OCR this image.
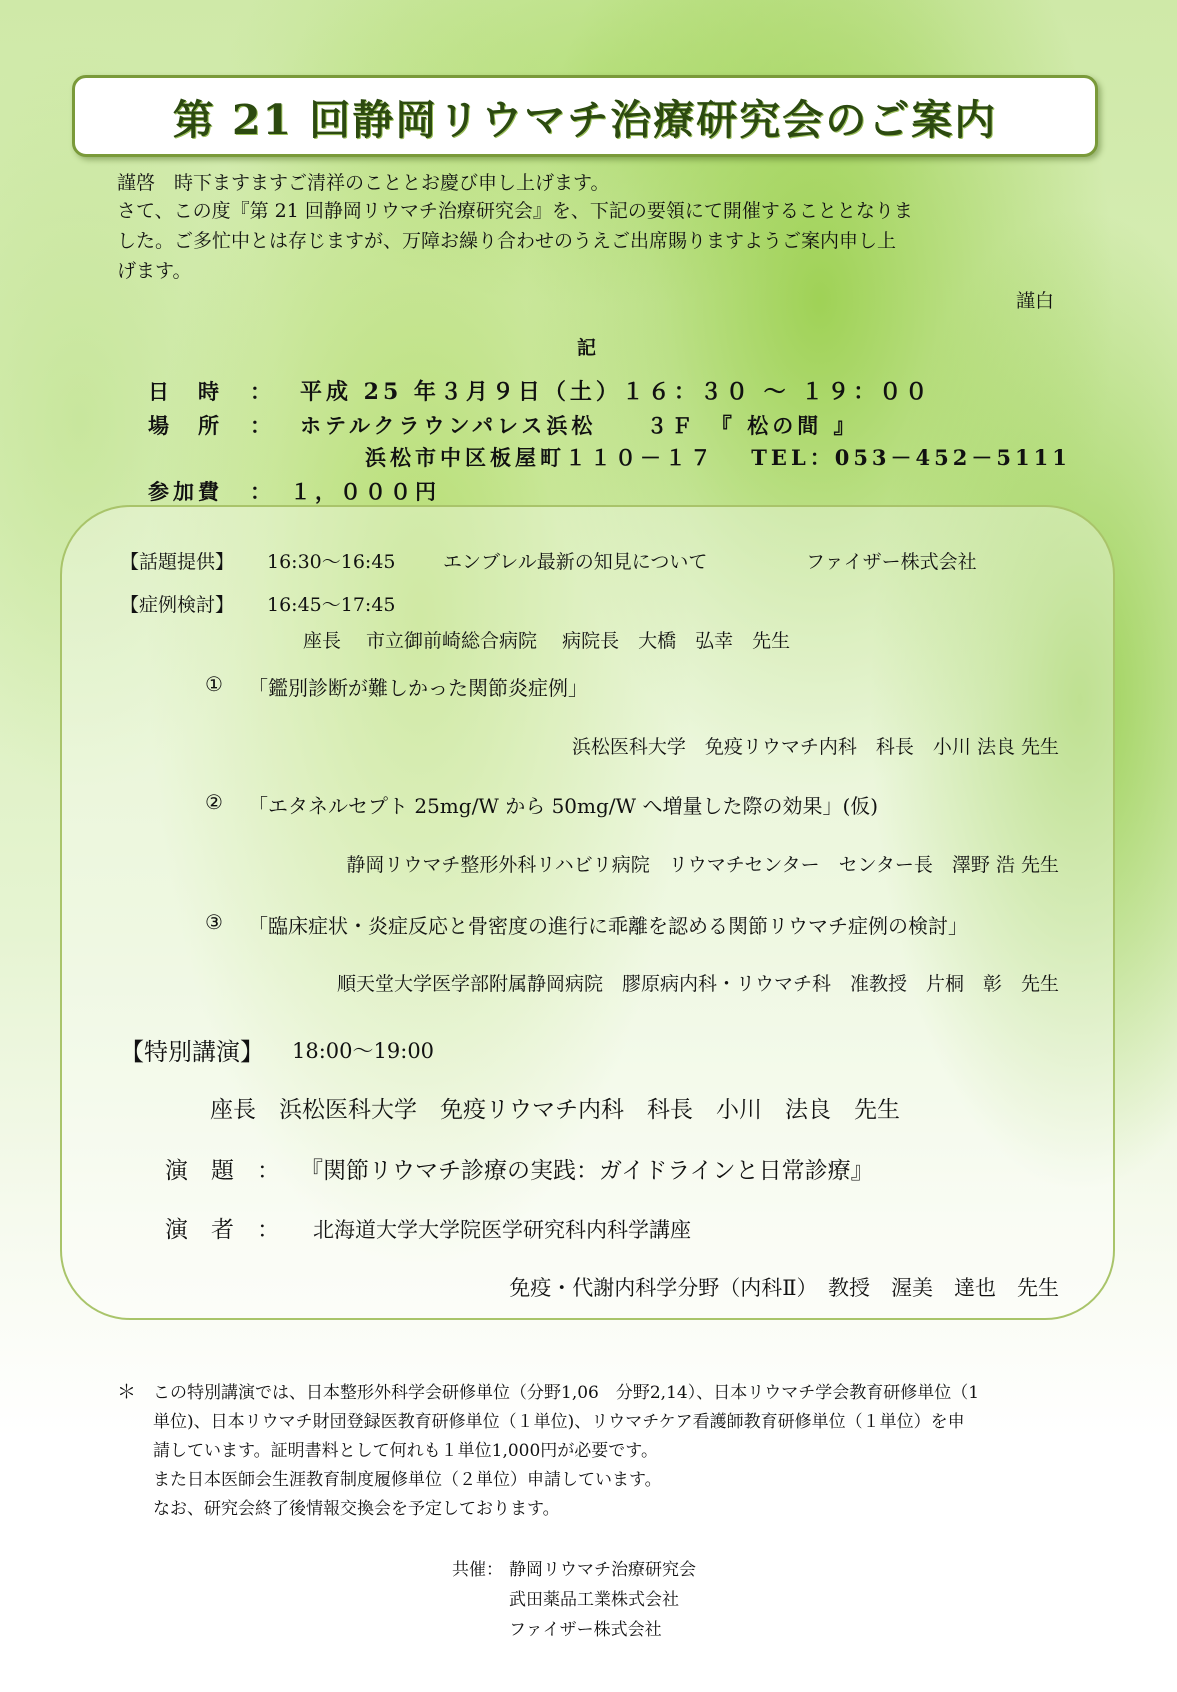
第 21 回静岡リウマチ治療研究会のご案内
謹啓　時下ますますご清祥のこととお慶び申し上げます。
さて、この度『第 21 回静岡リウマチ治療研究会』を、下記の要領にて開催することとなりま
した。ご多忙中とは存じますが、万障お繰り合わせのうえご出席賜りますようご案内申し上
げます。
謹白
記
日　時 ： 平成 25 年３月９日（土）１６：３０ ～ １９：００
場　所 ： ホテルクラウンパレス浜松　　３Ｆ　『 松の間 』
浜松市中区板屋町１１０－１７　 TEL：053－452－5111
参加費 ： １，０００円
【話題提供】 16:30～16:45 エンブレル最新の知見について	ファイザー株式会社
【症例検討】 16:45～17:45
座長　 市立御前崎総合病院　 病院長　大橋　弘幸　先生
① 「鑑別診断が難しかった関節炎症例」
浜松医科大学　免疫リウマチ内科　科長　小川 法良 先生
② 「エタネルセプト 25mg/W から 50mg/W へ増量した際の効果」(仮)
静岡リウマチ整形外科リハビリ病院　リウマチセンター　センター長　澤野 浩 先生
③ 「臨床症状・炎症反応と骨密度の進行に乖離を認める関節リウマチ症例の検討」
順天堂大学医学部附属静岡病院　膠原病内科・リウマチ科　准教授　片桐　彰　先生
【特別講演】 18:00～19:00
座長　浜松医科大学　免疫リウマチ内科　科長　小川　法良　先生
演　題　： 『関節リウマチ診療の実践：ガイドラインと日常診療』
演　者　： 北海道大学大学院医学研究科内科学講座
免疫・代謝内科学分野（内科Ⅱ）　教授　渥美　達也　先生
＊ この特別講演では、日本整形外科学会研修単位（分野1,06　分野2,14）、日本リウマチ学会教育研修単位（1
単位)、日本リウマチ財団登録医教育研修単位（１単位)、リウマチケア看護師教育研修単位（１単位）を申
請しています。証明書料として何れも１単位1,000円が必要です。
また日本医師会生涯教育制度履修単位（２単位）申請しています。
なお、研究会終了後情報交換会を予定しております。
共催： 静岡リウマチ治療研究会
武田薬品工業株式会社
ファイザー株式会社
